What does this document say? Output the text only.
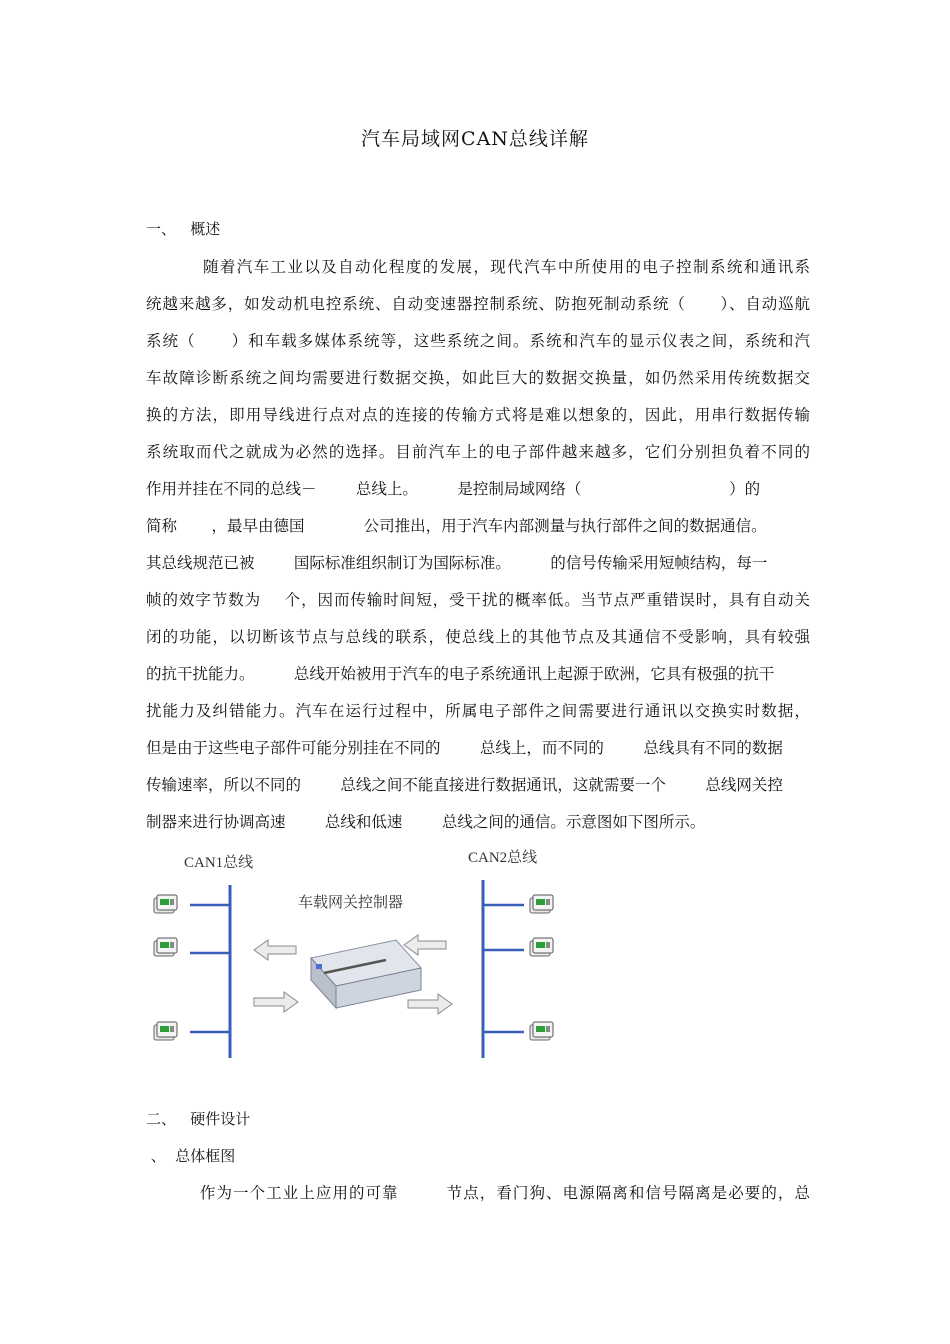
汽车局域网CAN总线详解
一、   概述
随着汽车工业以及自动化程度的发展，现代汽车中所使用的电子控制系统和通讯系
统越来越多，如发动机电控系统、自动变速器控制系统、防抱死制动系统（      ）、自动巡航
系统（      ）和车载多媒体系统等，这些系统之间。系统和汽车的显示仪表之间，系统和汽
车故障诊断系统之间均需要进行数据交换，如此巨大的数据交换量，如仍然采用传统数据交
换的方法，即用导线进行点对点的连接的传输方式将是难以想象的，因此，用串行数据传输
系统取而代之就成为必然的选择。目前汽车上的电子部件越来越多，它们分别担负着不同的
作用并挂在不同的总线－        总线上。        是控制局域网络（                              ）的
简称       ，最早由德国            公司推出，用于汽车内部测量与执行部件之间的数据通信。
其总线规范已被        国际标准组织制订为国际标准。        的信号传输采用短帧结构，每一
帧的效字节数为    个，因而传输时间短，受干扰的概率低。当节点严重错误时，具有自动关
闭的功能，以切断该节点与总线的联系，使总线上的其他节点及其通信不受影响，具有较强
的抗干扰能力。        总线开始被用于汽车的电子系统通讯上起源于欧洲，它具有极强的抗干
扰能力及纠错能力。汽车在运行过程中，所属电子部件之间需要进行通讯以交换实时数据，
但是由于这些电子部件可能分别挂在不同的        总线上，而不同的        总线具有不同的数据
传输速率，所以不同的        总线之间不能直接进行数据通讯，这就需要一个        总线网关控
制器来进行协调高速        总线和低速        总线之间的通信。示意图如下图所示。
CAN1总线	CAN2总线
车载网关控制器
二、   硬件设计
、  总体框图
作为一个工业上应用的可靠        节点，看门狗、电源隔离和信号隔离是必要的，总
